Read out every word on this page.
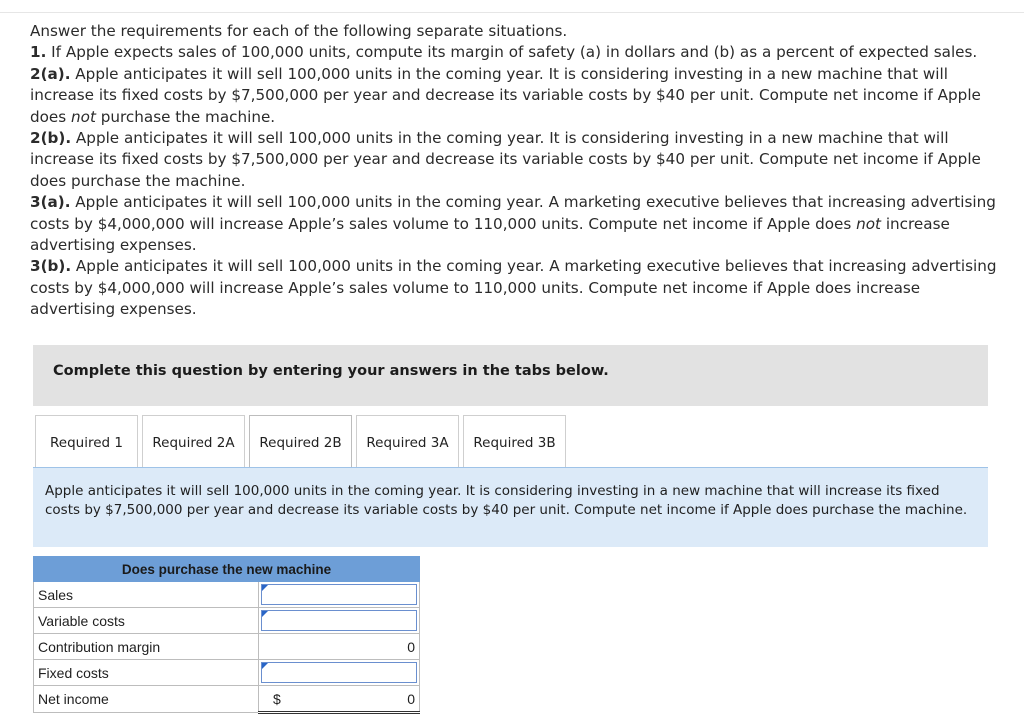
Answer the requirements for each of the following separate situations.

1. If Apple expects sales of 100,000 units, compute its margin of safety (a) in dollars and (b) as a percent of expected sales.

2(a). Apple anticipates it will sell 100,000 units in the coming year. It is considering investing in a new machine that will increase its fixed costs by $7,500,000 per year and decrease its variable costs by $40 per unit. Compute net income if Apple does not purchase the machine.

2(b). Apple anticipates it will sell 100,000 units in the coming year. It is considering investing in a new machine that will increase its fixed costs by $7,500,000 per year and decrease its variable costs by $40 per unit. Compute net income if Apple does purchase the machine.

3(a). Apple anticipates it will sell 100,000 units in the coming year. A marketing executive believes that increasing advertising costs by $4,000,000 will increase Apple’s sales volume to 110,000 units. Compute net income if Apple does not increase advertising expenses.

3(b). Apple anticipates it will sell 100,000 units in the coming year. A marketing executive believes that increasing advertising costs by $4,000,000 will increase Apple’s sales volume to 110,000 units. Compute net income if Apple does increase advertising expenses.

Complete this question by entering your answers in the tabs below.
Required 1	Required 2A	Required 2B	Required 3A	Required 3B
Apple anticipates it will sell 100,000 units in the coming year. It is considering investing in a new machine that will increase its fixed costs by $7,500,000 per year and decrease its variable costs by $40 per unit. Compute net income if Apple does purchase the machine.
Does purchase the new machine	
Sales	

Variable costs	

Contribution margin	0

Fixed costs	

Net income	$ 0
